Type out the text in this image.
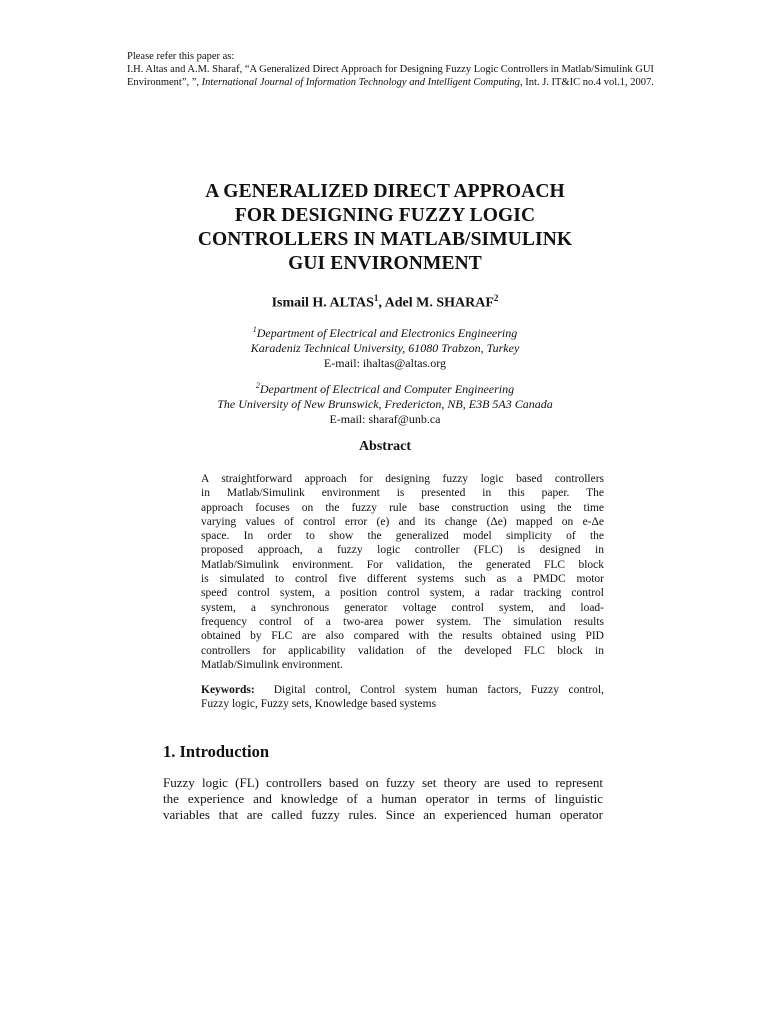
Please refer this paper as:
I.H. Altas and A.M. Sharaf, “A Generalized Direct Approach for Designing Fuzzy Logic Controllers in Matlab/Simulink GUI
Environment”, ”, International Journal of Information Technology and Intelligent Computing, Int. J. IT&IC no.4 vol.1, 2007.
A GENERALIZED DIRECT APPROACH
FOR DESIGNING FUZZY LOGIC
CONTROLLERS IN MATLAB/SIMULINK
GUI ENVIRONMENT
Ismail H. ALTAS$^1$, Adel M. SHARAF$^2$
$^1$Department of Electrical and Electronics Engineering
Karadeniz Technical University, 61080 Trabzon, Turkey
E-mail: ihaltas@altas.org
$^2$Department of Electrical and Computer Engineering
The University of New Brunswick, Fredericton, NB, E3B 5A3 Canada
E-mail: sharaf@unb.ca
Abstract
A straightforward approach for designing fuzzy logic based controllers
in Matlab/Simulink environment is presented in this paper. The
approach focuses on the fuzzy rule base construction using the time
varying values of control error (e) and its change (Δe) mapped on e-Δe
space. In order to show the generalized model simplicity of the
proposed approach, a fuzzy logic controller (FLC) is designed in
Matlab/Simulink environment. For validation, the generated FLC block
is simulated to control five different systems such as a PMDC motor
speed control system, a position control system, a radar tracking control
system, a synchronous generator voltage control system, and load-
frequency control of a two-area power system. The simulation results
obtained by FLC are also compared with the results obtained using PID
controllers for applicability validation of the developed FLC block in
Matlab/Simulink environment.
Keywords: Digital control, Control system human factors, Fuzzy control,
Fuzzy logic, Fuzzy sets, Knowledge based systems
1. Introduction
Fuzzy logic (FL) controllers based on fuzzy set theory are used to represent
the experience and knowledge of a human operator in terms of linguistic
variables that are called fuzzy rules. Since an experienced human operator
